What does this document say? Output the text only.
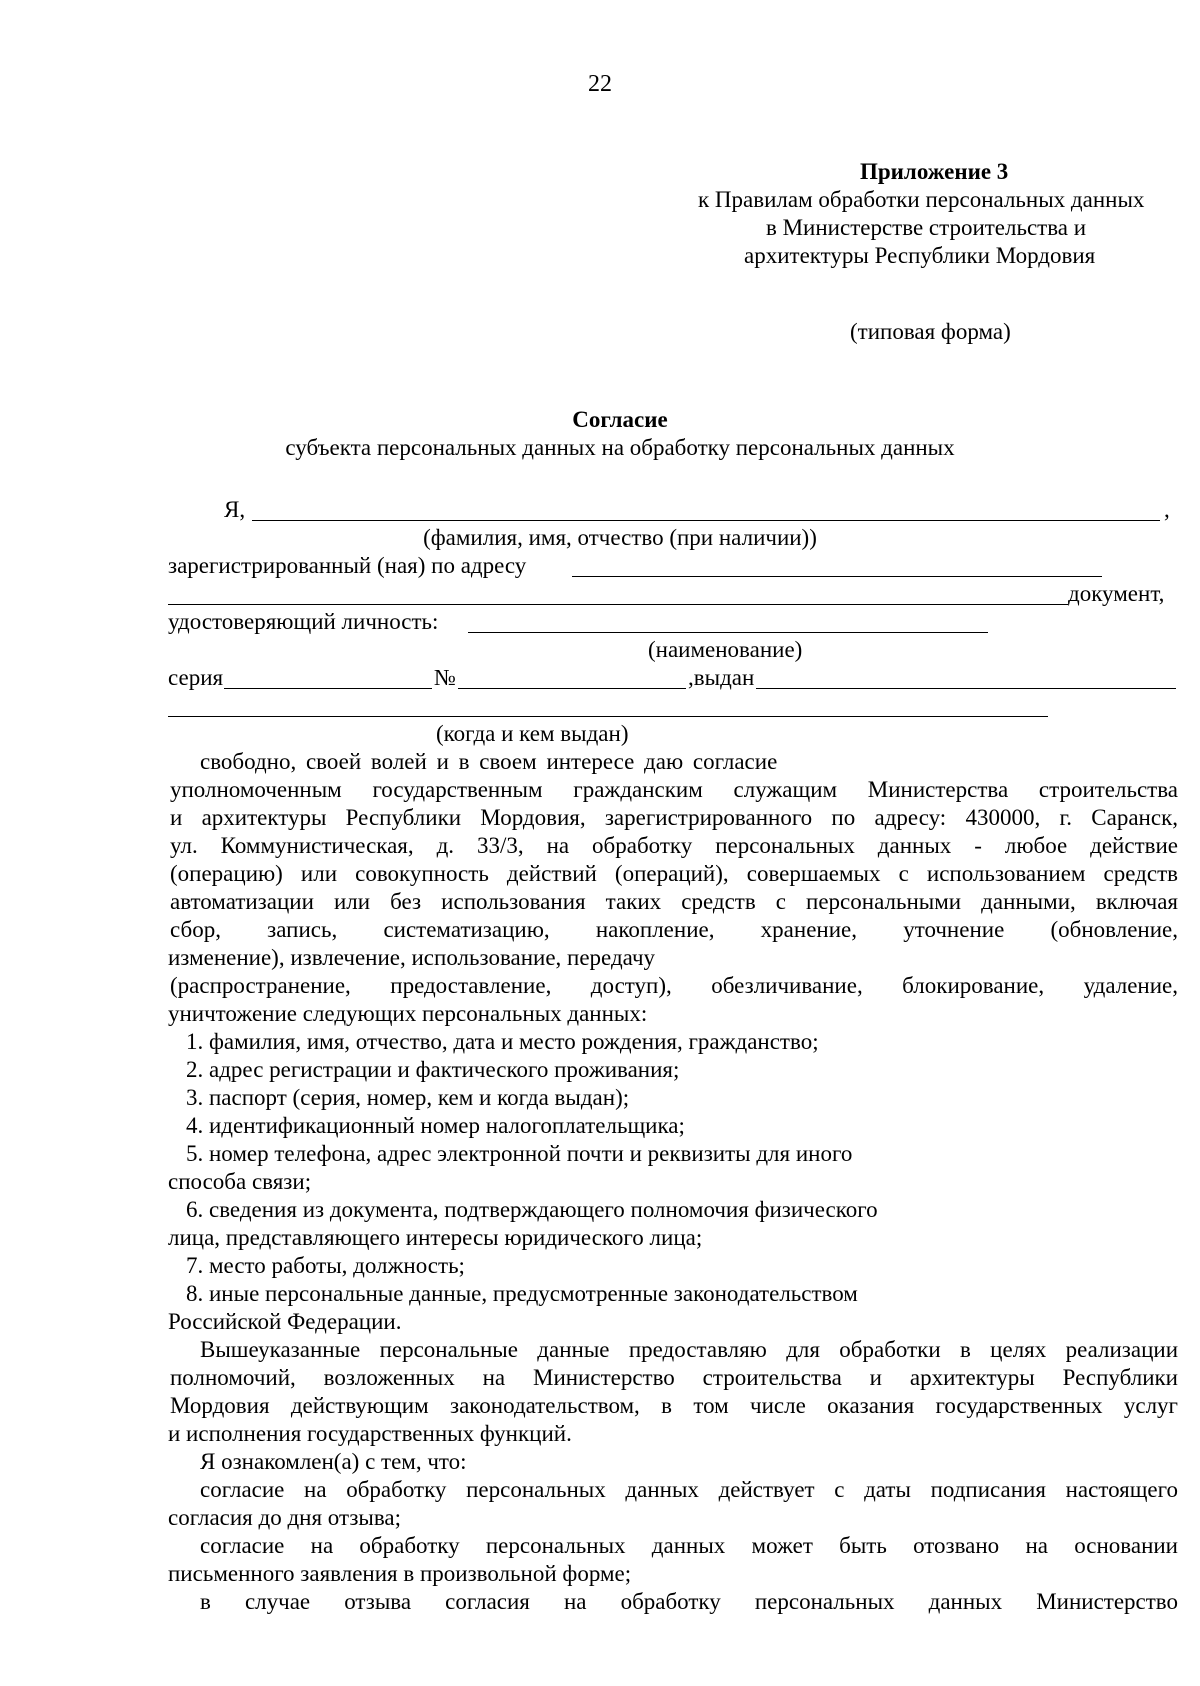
22
Приложение 3
к Правилам обработки персональных данных
в Министерстве строительства и
архитектуры Республики Мордовия
(типовая форма)
Согласие
субъекта персональных данных на обработку персональных данных
Я,	,
(фамилия, имя, отчество (при наличии))
зарегистрированный (ная) по адресу
документ,
удостоверяющий личность:
(наименование)
серия	№	,выдан
(когда и кем выдан)
свободно, своей волей и в своем интересе даю согласие
уполномоченным государственным гражданским служащим Министерства строительства
и архитектуры Республики Мордовия, зарегистрированного по адресу: 430000, г. Саранск,
ул. Коммунистическая, д. 33/3, на обработку персональных данных - любое действие
(операцию) или совокупность действий (операций), совершаемых с использованием средств
автоматизации или без использования таких средств с персональными данными, включая
сбор, запись, систематизацию, накопление, хранение, уточнение (обновление,
изменение), извлечение, использование, передачу
(распространение, предоставление, доступ), обезличивание, блокирование, удаление,
уничтожение следующих персональных данных:
1. фамилия, имя, отчество, дата и место рождения, гражданство;
2. адрес регистрации и фактического проживания;
3. паспорт (серия, номер, кем и когда выдан);
4. идентификационный номер налогоплательщика;
5. номер телефона, адрес электронной почти и реквизиты для иного
способа связи;
6. сведения из документа, подтверждающего полномочия физического
лица, представляющего интересы юридического лица;
7. место работы, должность;
8. иные персональные данные, предусмотренные законодательством
Российской Федерации.
Вышеуказанные персональные данные предоставляю для обработки в целях реализации
полномочий, возложенных на Министерство строительства и архитектуры Республики
Мордовия действующим законодательством, в том числе оказания государственных услуг
и исполнения государственных функций.
Я ознакомлен(а) с тем, что:
согласие на обработку персональных данных действует с даты подписания настоящего
согласия до дня отзыва;
согласие на обработку персональных данных может быть отозвано на основании
письменного заявления в произвольной форме;
в случае отзыва согласия на обработку персональных данных Министерство
